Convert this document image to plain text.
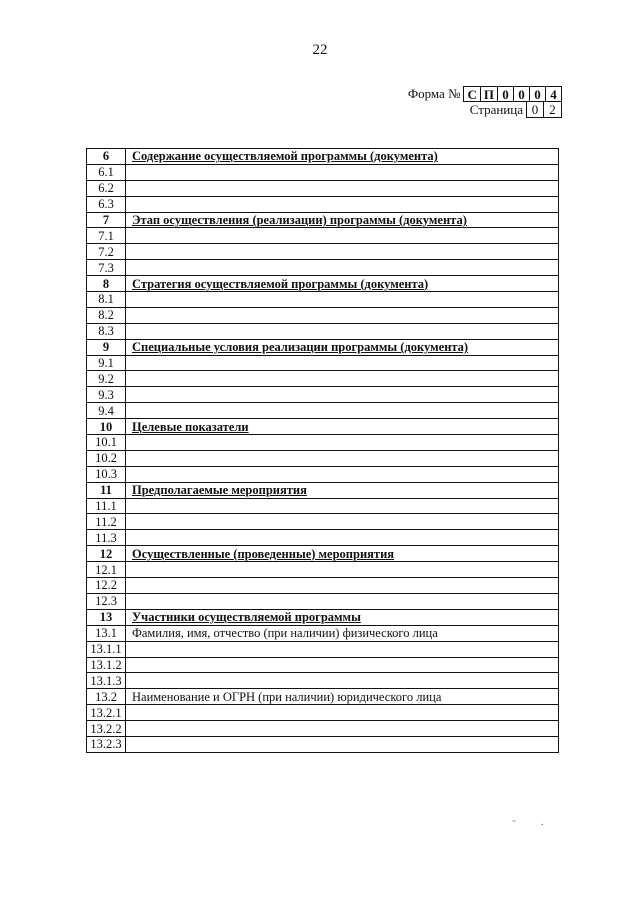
22
Форма № С П 0 0 0 4
Страница 0 2
6	Содержание осуществляемой программы (документа)
6.1	
6.2	
6.3	
7	Этап осуществления (реализации) программы (документа)
7.1	
7.2	
7.3	
8	Стратегия осуществляемой программы (документа)
8.1	
8.2	
8.3	
9	Специальные условия реализации программы (документа)
9.1	
9.2	
9.3	
9.4	
10	Целевые показатели
10.1	
10.2	
10.3	
11	Предполагаемые мероприятия
11.1	
11.2	
11.3	
12	Осуществленные (проведенные) мероприятия
12.1	
12.2	
12.3	
13	Участники осуществляемой программы
13.1	Фамилия, имя, отчество (при наличии) физического лица
13.1.1	
13.1.2	
13.1.3	
13.2	Наименование и ОГРН (при наличии) юридического лица
13.2.1	
13.2.2	
13.2.3	
˝          ·
